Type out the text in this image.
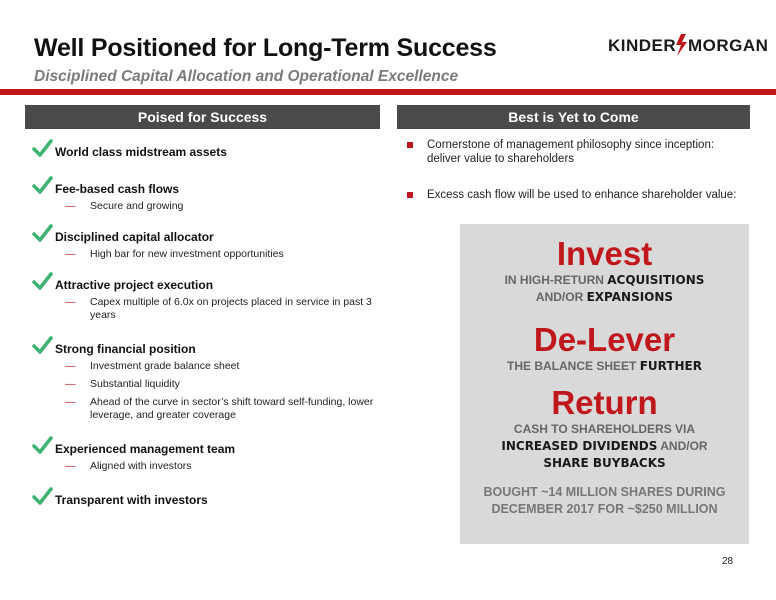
Well Positioned for Long-Term Success
Disciplined Capital Allocation and Operational Excellence
KINDER MORGAN
Poised for Success	Best is Yet to Come
World class midstream assets
Fee-based cash flows
— Secure and growing
Disciplined capital allocator
— High bar for new investment opportunities
Attractive project execution
— Capex multiple of 6.0x on projects placed in service in past 3 years
Strong financial position
— Investment grade balance sheet
— Substantial liquidity
— Ahead of the curve in sector’s shift toward self-funding, lower leverage, and greater coverage
Experienced management team
— Aligned with investors
Transparent with investors
Cornerstone of management philosophy since inception: deliver value to shareholders
Excess cash flow will be used to enhance shareholder value:
Invest
IN HIGH-RETURN ACQUISITIONS
AND/OR EXPANSIONS
De-Lever
THE BALANCE SHEET FURTHER
Return
CASH TO SHAREHOLDERS VIA
INCREASED DIVIDENDS AND/OR
SHARE BUYBACKS
BOUGHT ~14 MILLION SHARES DURING
DECEMBER 2017 FOR ~$250 MILLION
28
